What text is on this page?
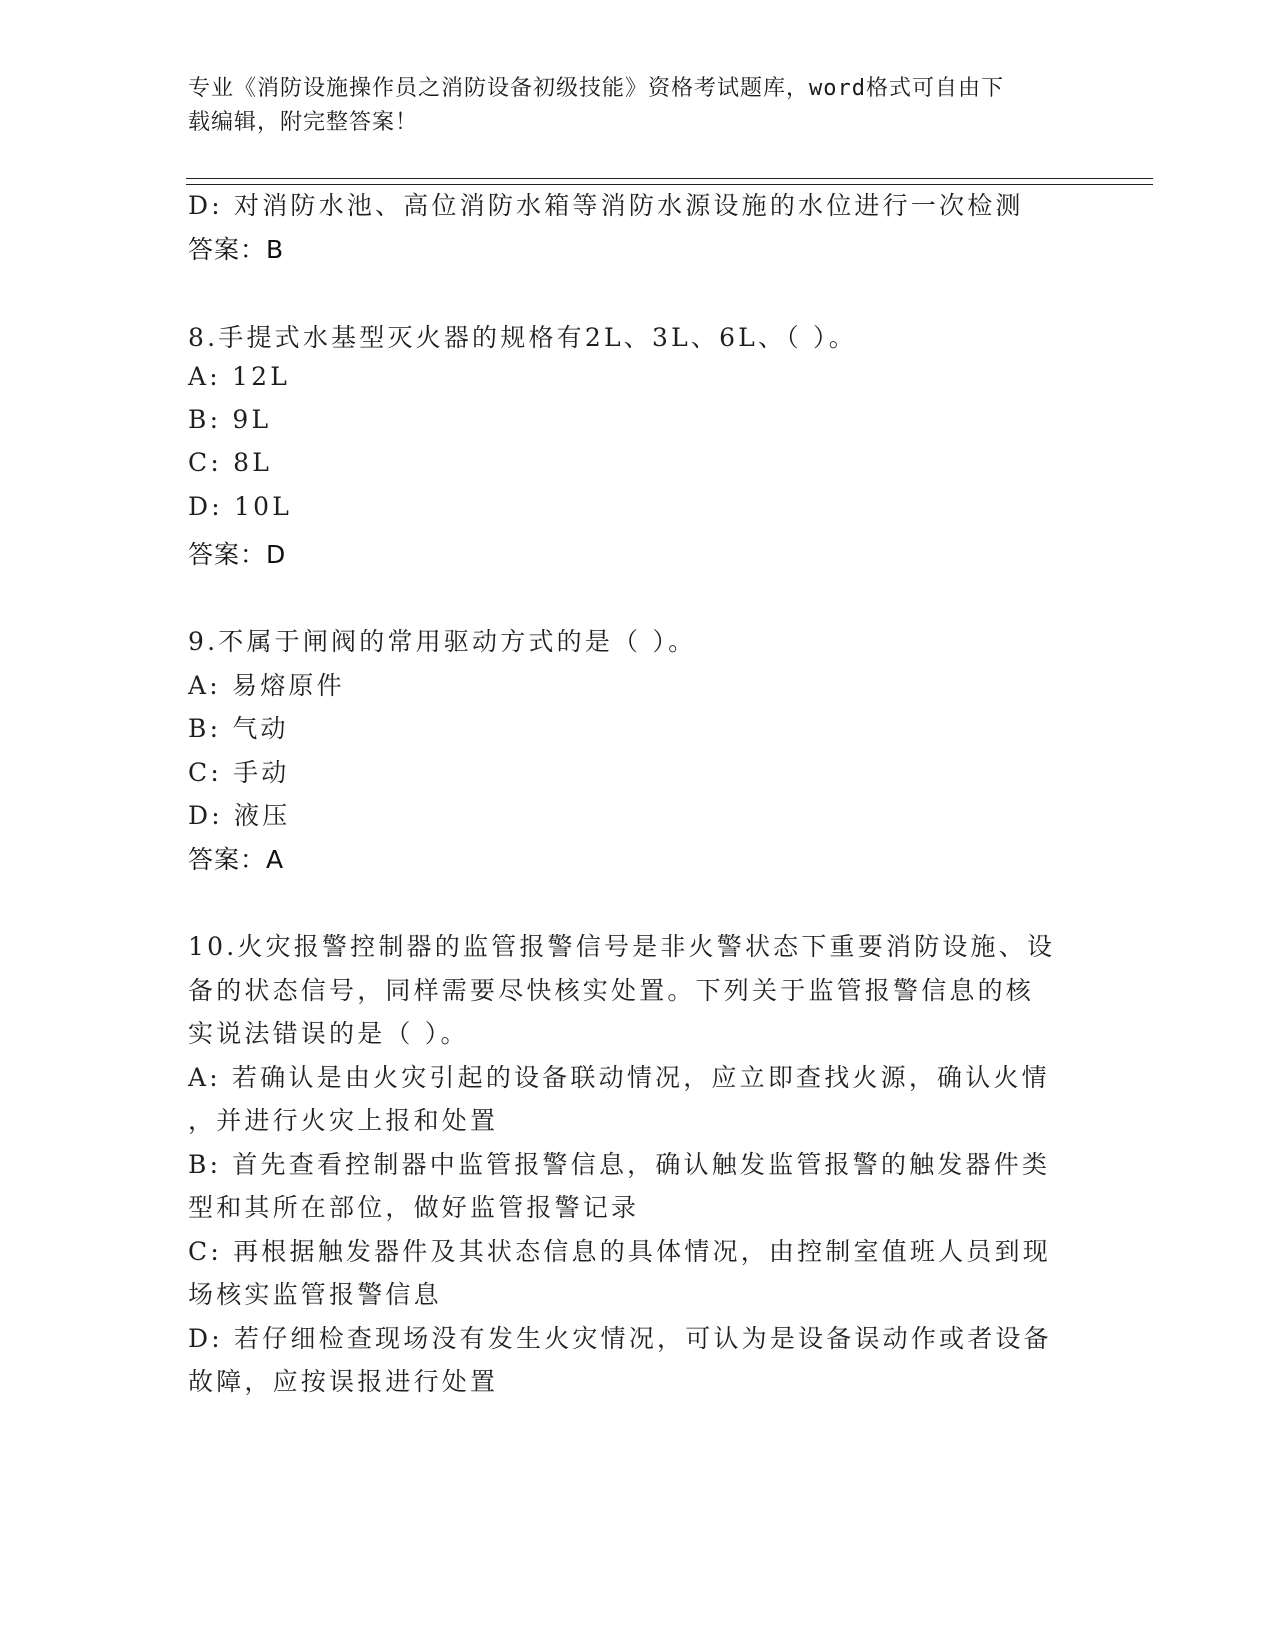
专业《消防设施操作员之消防设备初级技能》资格考试题库，word格式可自由下
载编辑，附完整答案！
D: 对消防水池、高位消防水箱等消防水源设施的水位进行一次检测
答案：B
8.手提式水基型灭火器的规格有2L、3L、6L、（ ）。
A: 12L
B: 9L
C: 8L
D: 10L
答案：D
9.不属于闸阀的常用驱动方式的是（ ）。
A: 易熔原件
B: 气动
C: 手动
D: 液压
答案：A
10.火灾报警控制器的监管报警信号是非火警状态下重要消防设施、设
备的状态信号，同样需要尽快核实处置。下列关于监管报警信息的核
实说法错误的是（ ）。
A: 若确认是由火灾引起的设备联动情况，应立即查找火源，确认火情
，并进行火灾上报和处置
B: 首先查看控制器中监管报警信息，确认触发监管报警的触发器件类
型和其所在部位，做好监管报警记录
C: 再根据触发器件及其状态信息的具体情况，由控制室值班人员到现
场核实监管报警信息
D: 若仔细检查现场没有发生火灾情况，可认为是设备误动作或者设备
故障，应按误报进行处置
